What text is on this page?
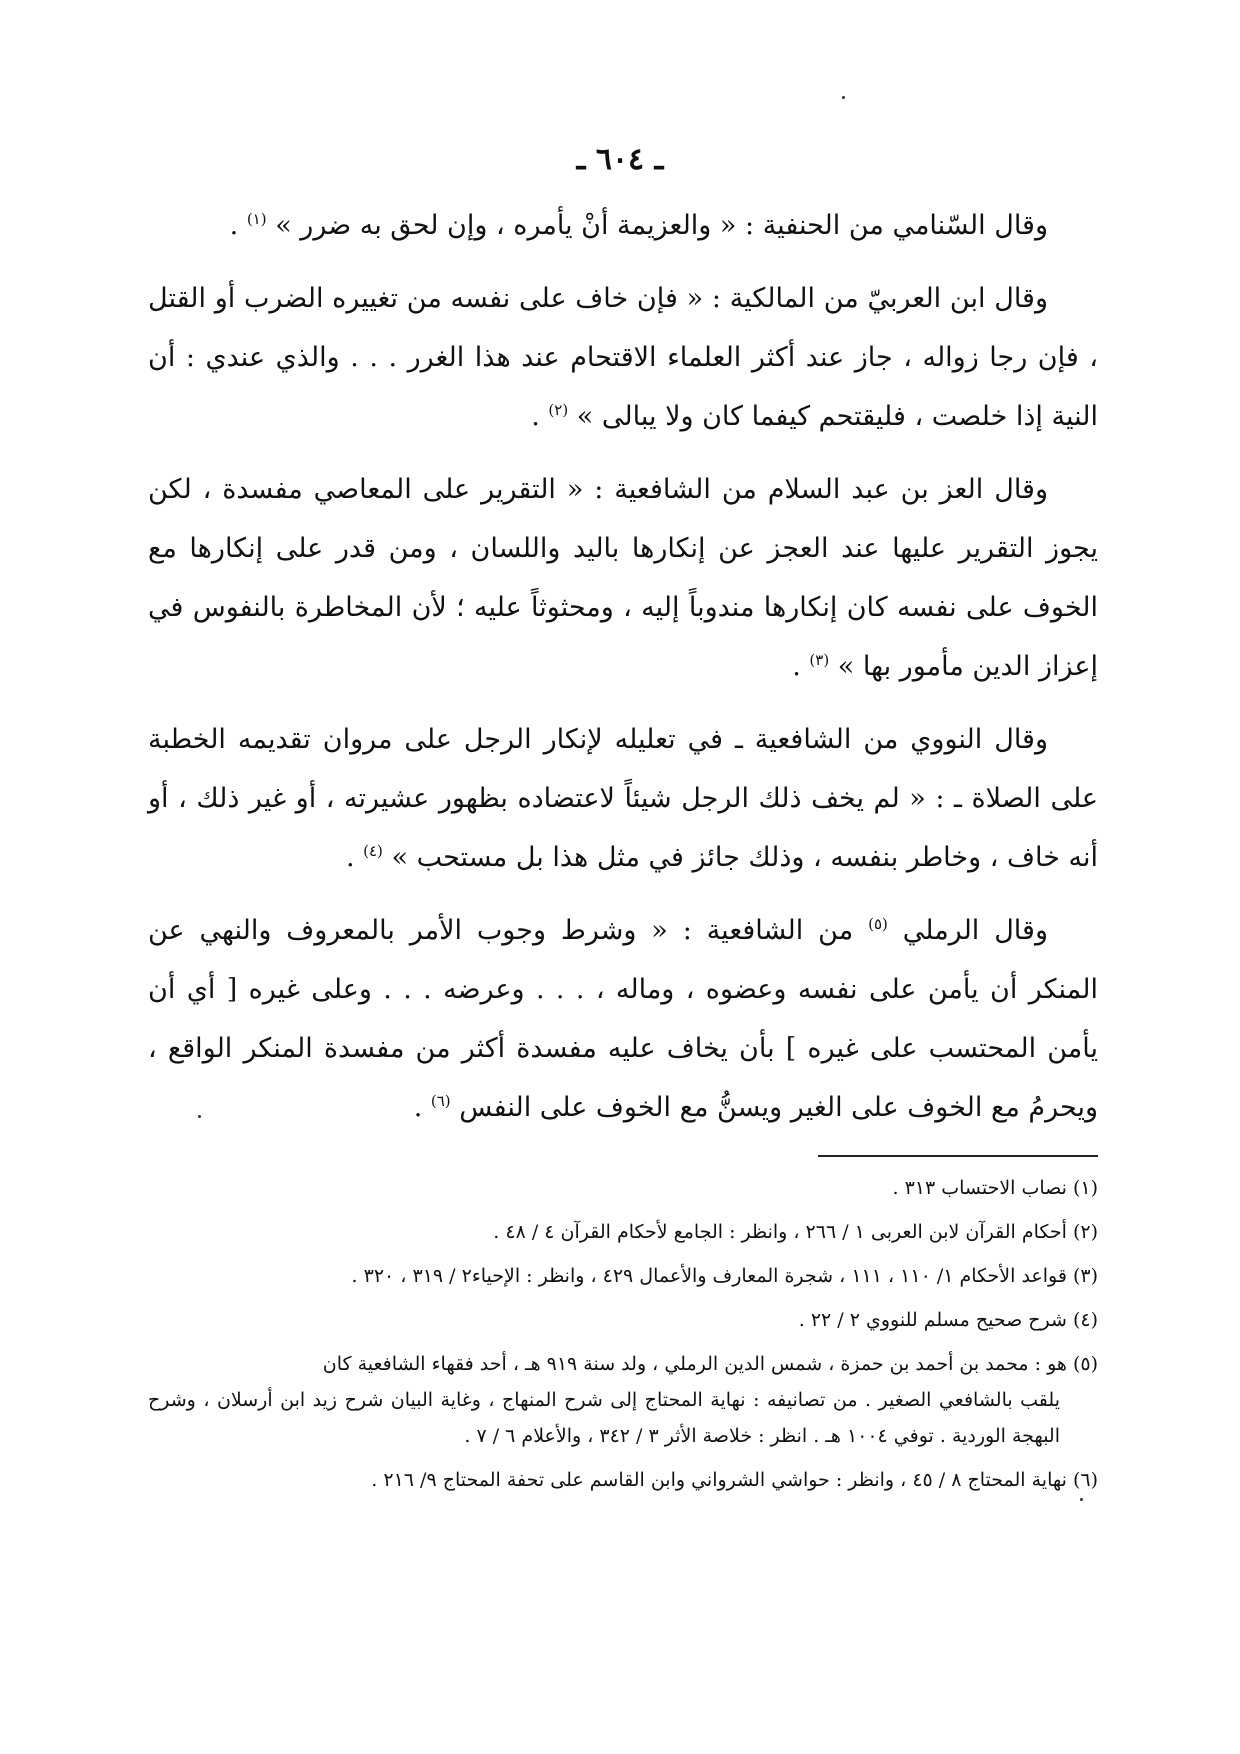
ـ ٦٠٤ ـ

وقال السّنامي من الحنفية : « والعزيمة أنْ يأمره ، وإن لحق به ضرر » $^{(١)}$ .

وقال ابن العربيّ من المالكية : « فإن خاف على نفسه من تغييره الضرب أو القتل ، فإن رجا زواله ، جاز عند أكثر العلماء الاقتحام عند هذا الغرر . . . والذي عندي : أن النية إذا خلصت ، فليقتحم كيفما كان ولا يبالى » $^{(٢)}$ .

وقال العز بن عبد السلام من الشافعية : « التقرير على المعاصي مفسدة ، لكن يجوز التقرير عليها عند العجز عن إنكارها باليد واللسان ، ومن قدر على إنكارها مع الخوف على نفسه كان إنكارها مندوباً إليه ، ومحثوثاً عليه ؛ لأن المخاطرة بالنفوس في إعزاز الدين مأمور بها » $^{(٣)}$ .

وقال النووي من الشافعية ـ في تعليله لإنكار الرجل على مروان تقديمه الخطبة على الصلاة ـ : « لم يخف ذلك الرجل شيئاً لاعتضاده بظهور عشيرته ، أو غير ذلك ، أو أنه خاف ، وخاطر بنفسه ، وذلك جائز في مثل هذا بل مستحب » $^{(٤)}$ .

وقال الرملي $^{(٥)}$ من الشافعية : « وشرط وجوب الأمر بالمعروف والنهي عن المنكر أن يأمن على نفسه وعضوه ، وماله ، . . . وعرضه . . . وعلى غيره [ أي أن يأمن المحتسب على غيره ] بأن يخاف عليه مفسدة أكثر من مفسدة المنكر الواقع ، ويحرمُ مع الخوف على الغير ويسنُّ مع الخوف على النفس $^{(٦)}$ .

(١)نصاب الاحتساب ٣١٣ .
(٢)أحكام القرآن لابن العربى ١ / ٢٦٦ ، وانظر : الجامع لأحكام القرآن ٤ / ٤٨ .
(٣)قواعد الأحكام ١/ ١١٠ ، ١١١ ، شجرة المعارف والأعمال ٤٢٩ ، وانظر : الإحياء٢ / ٣١٩ ، ٣٢٠ .
(٤)شرح صحيح مسلم للنووي ٢ / ٢٢ .
(٥)هو : محمد بن أحمد بن حمزة ، شمس الدين الرملي ، ولد سنة ٩١٩ هـ ، أحد فقهاء الشافعية كان
يلقب بالشافعي الصغير . من تصانيفه : نهاية المحتاج إلى شرح المنهاج ، وغاية البيان شرح زيد ابن أرسلان ، وشرح البهجة الوردية . توفي ١٠٠٤ هـ . انظر : خلاصة الأثر ٣ / ٣٤٢ ، والأعلام ٦ / ٧ .
(٦)نهاية المحتاج ٨ / ٤٥ ، وانظر : حواشي الشرواني وابن القاسم على تحفة المحتاج ٩/ ٢١٦ .
